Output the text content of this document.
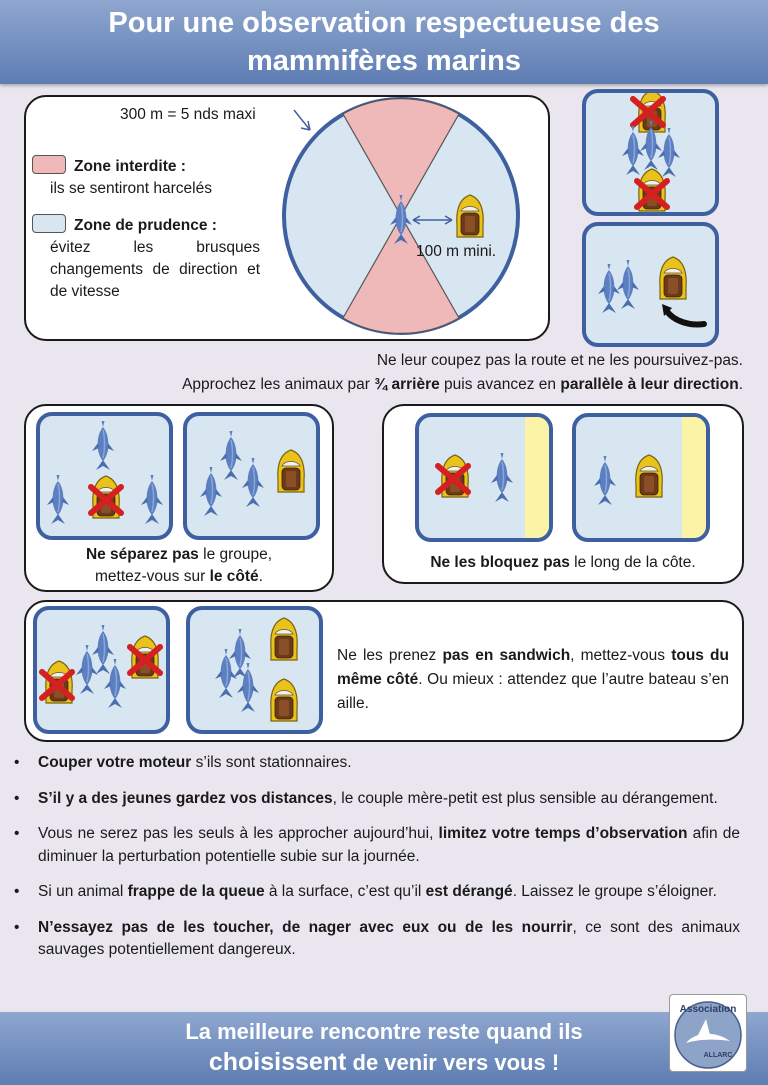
Pour une observation respectueuse des
mammifères marins
300 m = 5 nds maxi
100 m mini.
Zone interdite :
ils se sentiront harcelés
Zone de prudence :
évitez les brusques changements de direction et de vitesse
Ne leur coupez pas la route et ne les poursuivez-pas.
Approchez les animaux par ¾ arrière puis avancez en parallèle à leur direction.
Ne séparez pas le groupe,
mettez-vous sur le côté.
Ne les bloquez pas le long de la côte.
Ne les prenez pas en sandwich, mettez-vous tous du même côté. Ou mieux : attendez que l’autre bateau s’en aille.
• Couper votre moteur s’ils sont stationnaires.
• S’il y a des jeunes gardez vos distances, le couple mère-petit est plus sensible au dérangement.
• Vous ne serez pas les seuls à les approcher aujourd’hui, limitez votre temps d’observation afin de diminuer la perturbation potentielle subie sur la journée.
• Si un animal frappe de la queue à la surface, c’est qu’il est dérangé. Laissez le groupe s’éloigner.
• N’essayez pas de les toucher, de nager avec eux ou de les nourrir, ce sont des animaux sauvages potentiellement dangereux.
La meilleure rencontre reste quand ils
choisissent de venir vers vous !
Association
ALLARC
